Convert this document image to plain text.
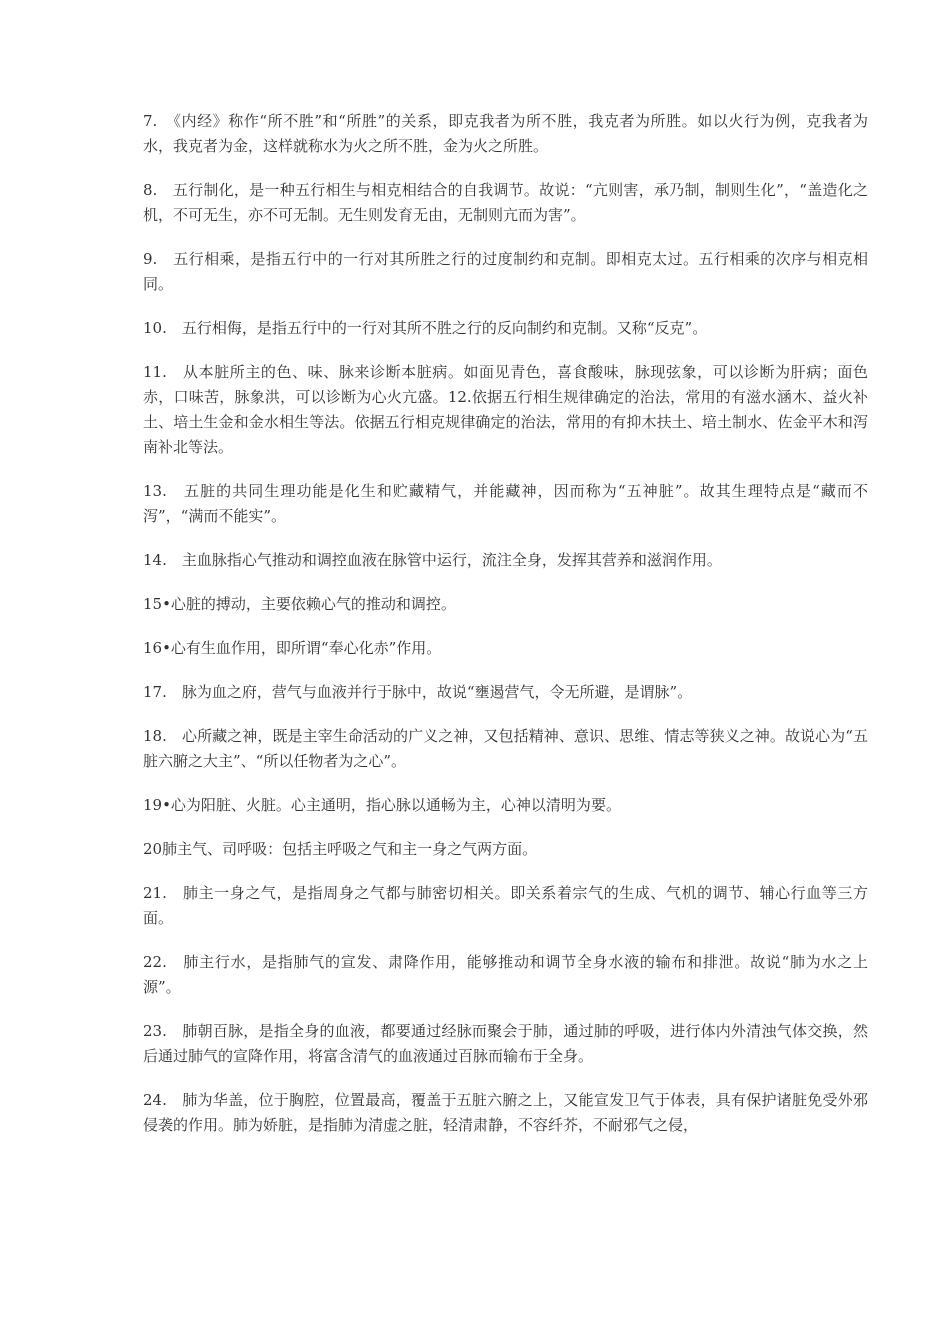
7.　《内经》称作“所不胜”和“所胜”的关系，即克我者为所不胜，我克者为所胜。如以火行为例，克我者为水，我克者为金，这样就称水为火之所不胜，金为火之所胜。

8.　五行制化，是一种五行相生与相克相结合的自我调节。故说：“亢则害，承乃制，制则生化”，“盖造化之机，不可无生，亦不可无制。无生则发育无由，无制则亢而为害”。

9.　五行相乘，是指五行中的一行对其所胜之行的过度制约和克制。即相克太过。五行相乘的次序与相克相同。

10.　五行相侮，是指五行中的一行对其所不胜之行的反向制约和克制。又称“反克”。

11.　从本脏所主的色、味、脉来诊断本脏病。如面见青色，喜食酸味，脉现弦象，可以诊断为肝病；面色赤，口味苦，脉象洪，可以诊断为心火亢盛。12.依据五行相生规律确定的治法，常用的有滋水涵木、益火补土、培土生金和金水相生等法。依据五行相克规律确定的治法，常用的有抑木扶土、培土制水、佐金平木和泻南补北等法。

13.　五脏的共同生理功能是化生和贮藏精气，并能藏神，因而称为“五神脏”。故其生理特点是“藏而不泻”，“满而不能实”。

14.　主血脉指心气推动和调控血液在脉管中运行，流注全身，发挥其营养和滋润作用。

15•心脏的搏动，主要依赖心气的推动和调控。

16•心有生血作用，即所谓“奉心化赤”作用。

17.　脉为血之府，营气与血液并行于脉中，故说“壅遏营气，令无所避，是谓脉”。

18.　心所藏之神，既是主宰生命活动的广义之神，又包括精神、意识、思维、情志等狭义之神。故说心为“五脏六腑之大主”、“所以任物者为之心”。

19•心为阳脏、火脏。心主通明，指心脉以通畅为主，心神以清明为要。

20肺主气、司呼吸：包括主呼吸之气和主一身之气两方面。

21.　肺主一身之气，是指周身之气都与肺密切相关。即关系着宗气的生成、气机的调节、辅心行血等三方面。

22.　肺主行水，是指肺气的宣发、肃降作用，能够推动和调节全身水液的输布和排泄。故说“肺为水之上源”。

23.　肺朝百脉，是指全身的血液，都要通过经脉而聚会于肺，通过肺的呼吸，进行体内外清浊气体交换，然后通过肺气的宣降作用，将富含清气的血液通过百脉而输布于全身。

24.　肺为华盖，位于胸腔，位置最高，覆盖于五脏六腑之上，又能宣发卫气于体表，具有保护诸脏免受外邪侵袭的作用。肺为娇脏，是指肺为清虚之脏，轻清肃静，不容纤芥，不耐邪气之侵，
